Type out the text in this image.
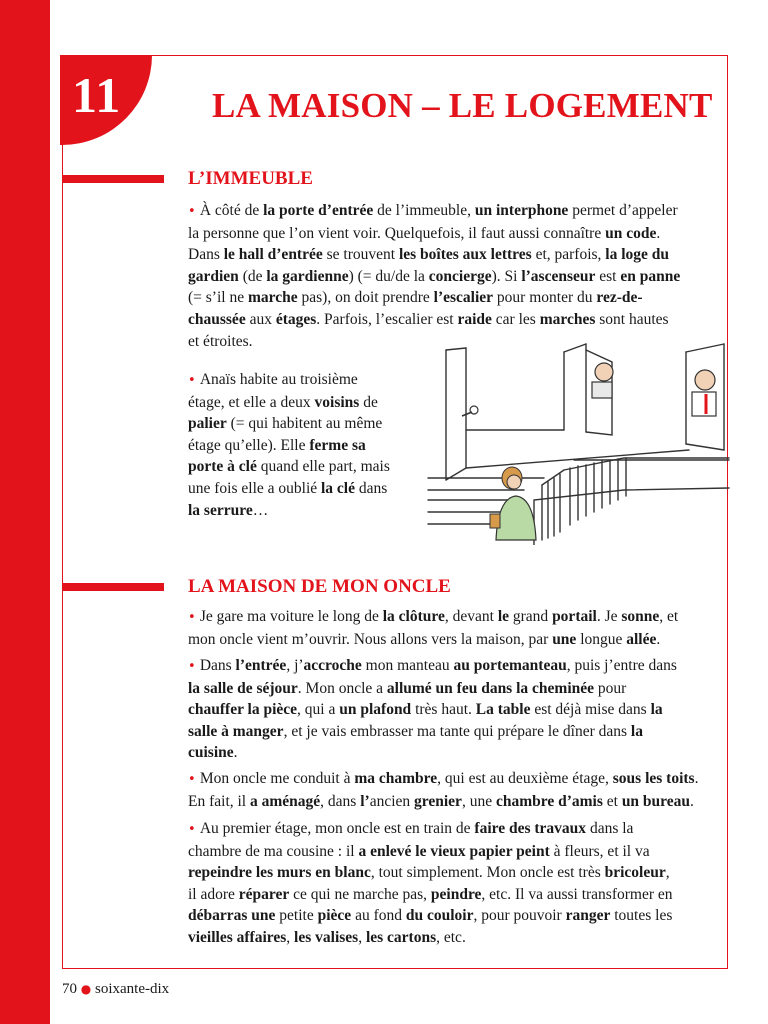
11	LA MAISON – LE LOGEMENT
L’IMMEUBLE
• À côté de la porte d’entrée de l’immeuble, un interphone permet d’appeler
la personne que l’on vient voir. Quelquefois, il faut aussi connaître un code.
Dans le hall d’entrée se trouvent les boîtes aux lettres et, parfois, la loge du
gardien (de la gardienne) (= du/de la concierge). Si l’ascenseur est en panne
(= s’il ne marche pas), on doit prendre l’escalier pour monter du rez-de-
chaussée aux étages. Parfois, l’escalier est raide car les marches sont hautes
et étroites.
• Anaïs habite au troisième
étage, et elle a deux voisins de
palier (= qui habitent au même
étage qu’elle). Elle ferme sa
porte à clé quand elle part, mais
une fois elle a oublié la clé dans
la serrure…
LA MAISON DE MON ONCLE
• Je gare ma voiture le long de la clôture, devant le grand portail. Je sonne, et
mon oncle vient m’ouvrir. Nous allons vers la maison, par une longue allée.
• Dans l’entrée, j’accroche mon manteau au portemanteau, puis j’entre dans
la salle de séjour. Mon oncle a allumé un feu dans la cheminée pour
chauffer la pièce, qui a un plafond très haut. La table est déjà mise dans la
salle à manger, et je vais embrasser ma tante qui prépare le dîner dans la
cuisine.
• Mon oncle me conduit à ma chambre, qui est au deuxième étage, sous les toits.
En fait, il a aménagé, dans l’ancien grenier, une chambre d’amis et un bureau.
• Au premier étage, mon oncle est en train de faire des travaux dans la
chambre de ma cousine : il a enlevé le vieux papier peint à fleurs, et il va
repeindre les murs en blanc, tout simplement. Mon oncle est très bricoleur,
il adore réparer ce qui ne marche pas, peindre, etc. Il va aussi transformer en
débarras une petite pièce au fond du couloir, pour pouvoir ranger toutes les
vieilles affaires, les valises, les cartons, etc.
70 ● soixante-dix
